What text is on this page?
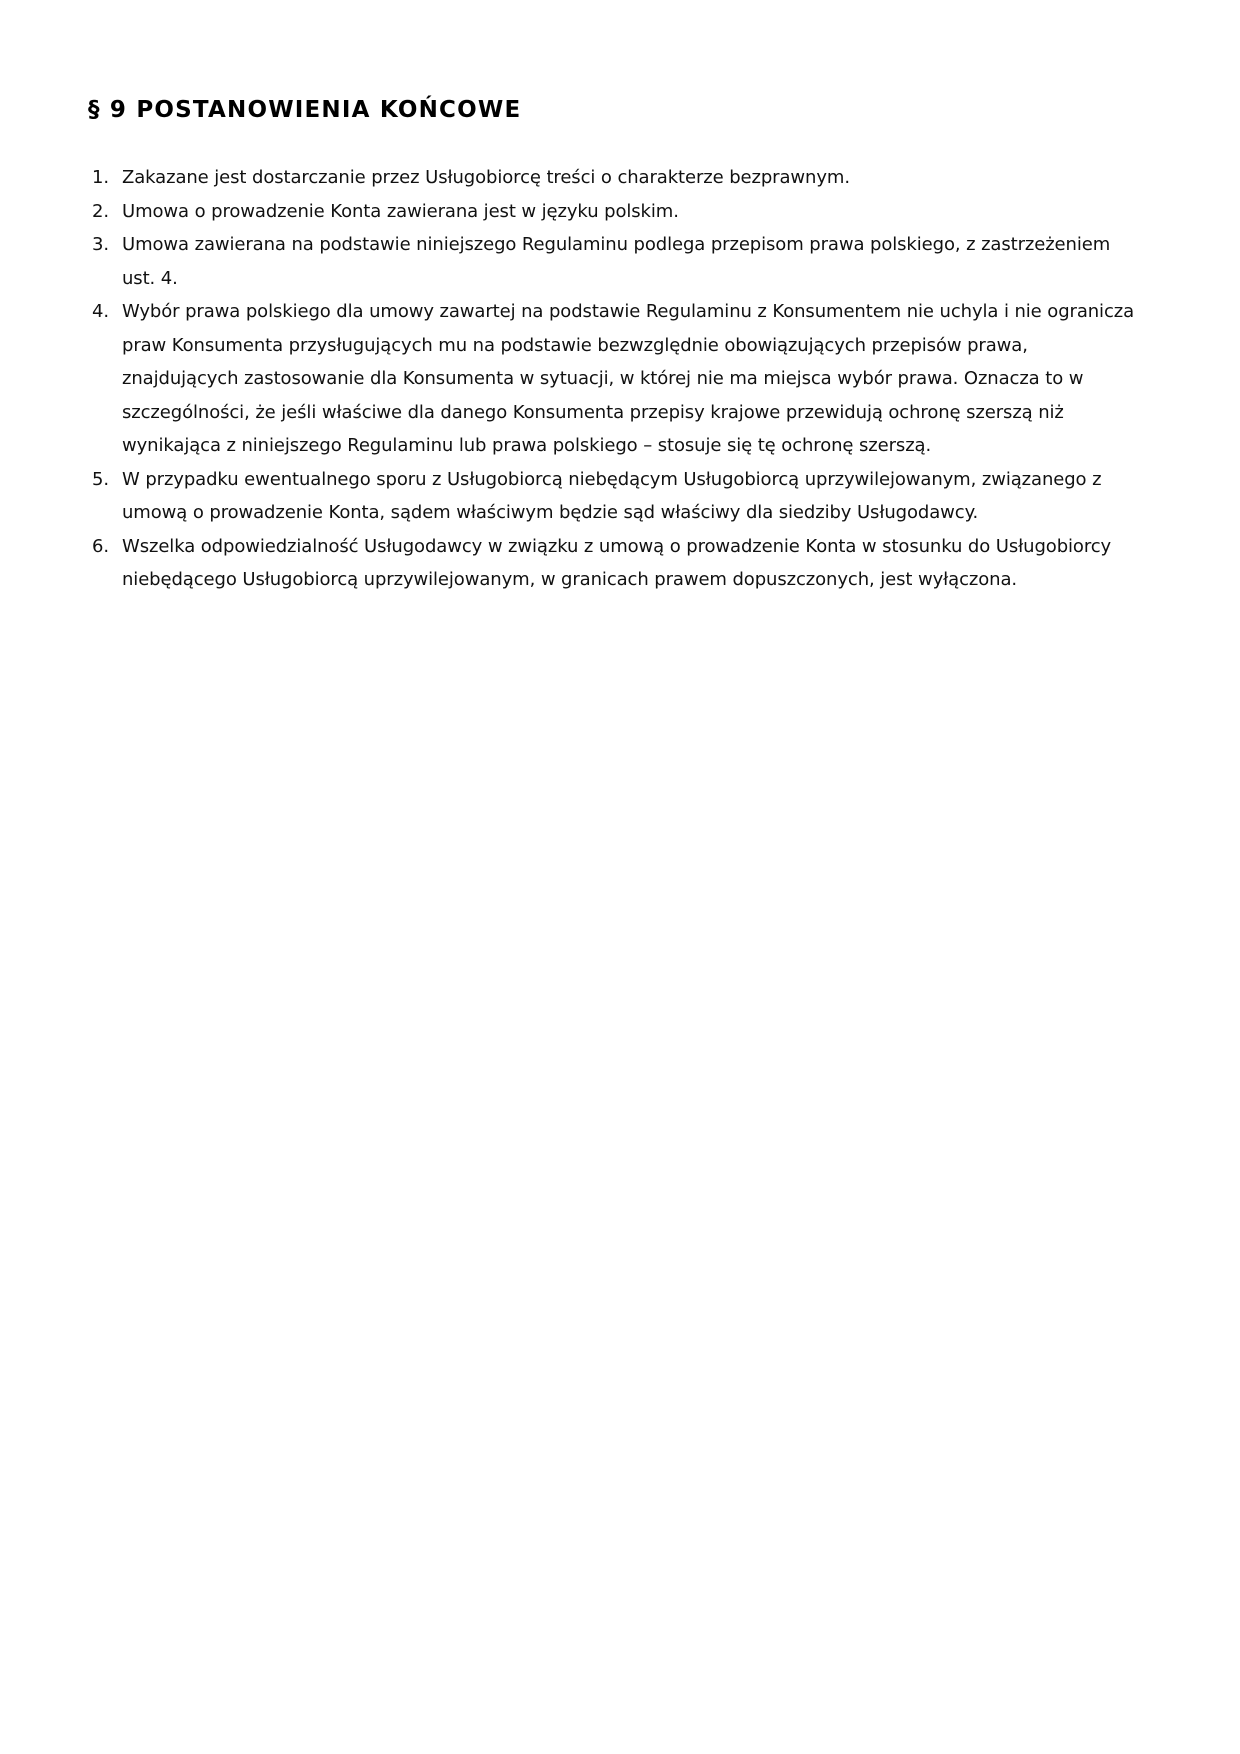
§ 9 POSTANOWIENIA KOŃCOWE
1. Zakazane jest dostarczanie przez Usługobiorcę treści o charakterze bezprawnym.
2. Umowa o prowadzenie Konta zawierana jest w języku polskim.
3. Umowa zawierana na podstawie niniejszego Regulaminu podlega przepisom prawa polskiego, z zastrzeżeniem ust. 4.
4. Wybór prawa polskiego dla umowy zawartej na podstawie Regulaminu z Konsumentem nie uchyla i nie ogranicza praw Konsumenta przysługujących mu na podstawie bezwzględnie obowiązujących przepisów prawa, znajdujących zastosowanie dla Konsumenta w sytuacji, w której nie ma miejsca wybór prawa. Oznacza to w szczególności, że jeśli właściwe dla danego Konsumenta przepisy krajowe przewidują ochronę szerszą niż wynikająca z niniejszego Regulaminu lub prawa polskiego – stosuje się tę ochronę szerszą.
5. W przypadku ewentualnego sporu z Usługobiorcą niebędącym Usługobiorcą uprzywilejowanym, związanego z umową o prowadzenie Konta, sądem właściwym będzie sąd właściwy dla siedziby Usługodawcy.
6. Wszelka odpowiedzialność Usługodawcy w związku z umową o prowadzenie Konta w stosunku do Usługobiorcy niebędącego Usługobiorcą uprzywilejowanym, w granicach prawem dopuszczonych, jest wyłączona.
